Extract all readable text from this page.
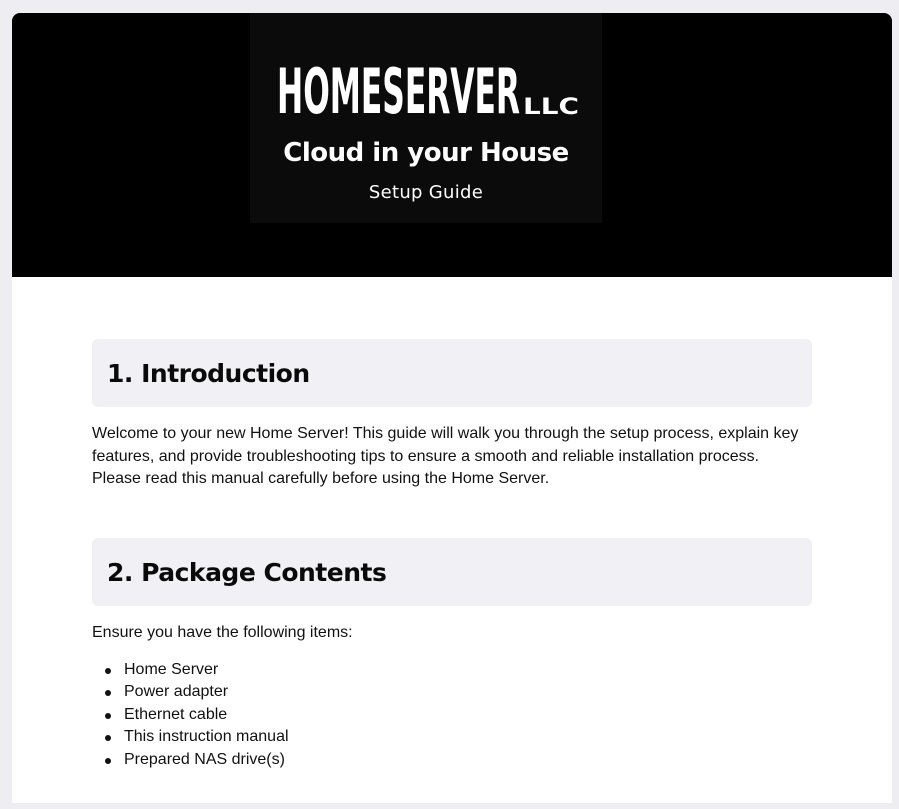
HOMESERVER LLC
Cloud in your House
Setup Guide
1. Introduction

Welcome to your new Home Server! This guide will walk you through the setup process, explain key features, and provide troubleshooting tips to ensure a smooth and reliable installation process. Please read this manual carefully before using the Home Server.

2. Package Contents

Ensure you have the following items:

Home Server
Power adapter
Ethernet cable
This instruction manual
Prepared NAS drive(s)
